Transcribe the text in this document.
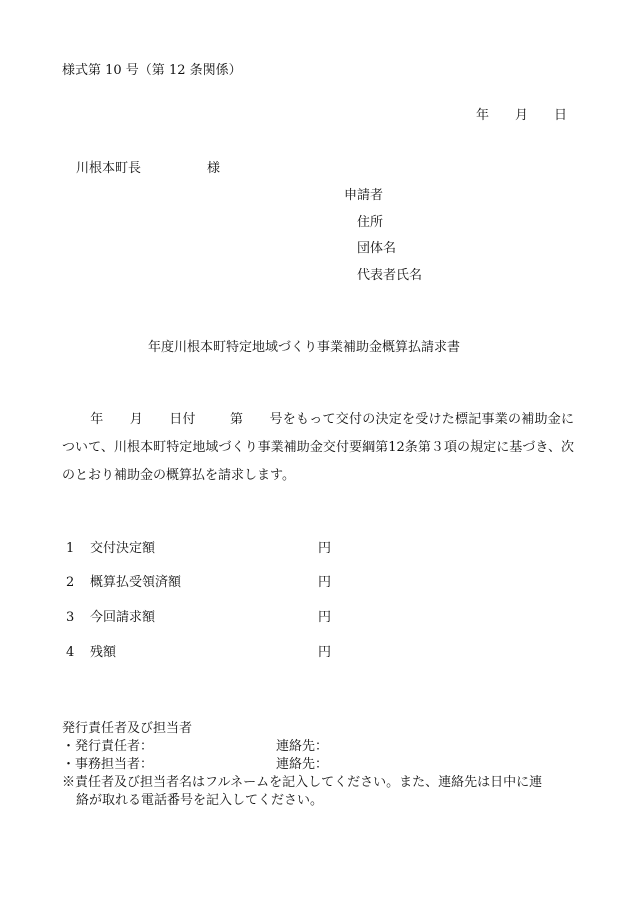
様式第 10 号（第 12 条関係）
年 月 日
川根本町長	様
申請者
住所
団体名
代表者氏名
年度川根本町特定地域づくり事業補助金概算払請求書
年 月 日付	第 号をもって交付の決定を受けた標記事業の補助金について、川根本町特定地域づくり事業補助金交付要綱第12条第３項の規定に基づき、次のとおり補助金の概算払を請求します。
1 交付決定額	円
2 概算払受領済額	円
3 今回請求額	円
4 残額	円
発行責任者及び担当者
・発行責任者：	連絡先：
・事務担当者：	連絡先：
※責任者及び担当者名はフルネームを記入してください。また、連絡先は日中に連
絡が取れる電話番号を記入してください。
